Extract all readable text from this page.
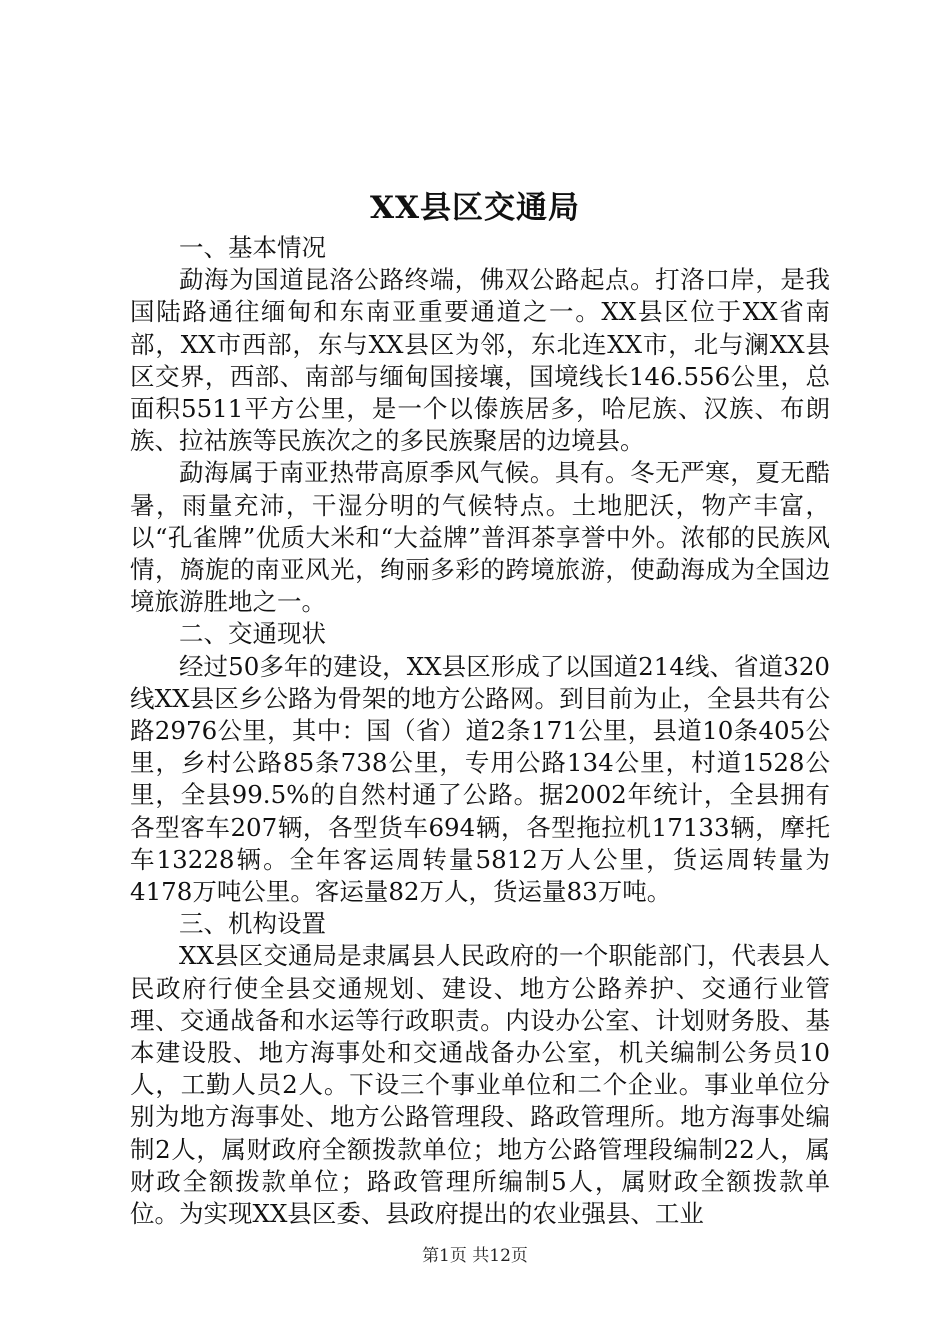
XX县区交通局

一、基本情况

勐海为国道昆洛公路终端，佛双公路起点。打洛口岸，是我国陆路通往缅甸和东南亚重要通道之一。XX县区位于XX省南部，XX市西部，东与XX县区为邻，东北连XX市，北与澜XX县区交界，西部、南部与缅甸国接壤，国境线长146.556公里，总面积5511平方公里，是一个以傣族居多，哈尼族、汉族、布朗族、拉祜族等民族次之的多民族聚居的边境县。

勐海属于南亚热带高原季风气候。具有。冬无严寒，夏无酷暑，雨量充沛，干湿分明的气候特点。土地肥沃，物产丰富，以“孔雀牌”优质大米和“大益牌”普洱茶享誉中外。浓郁的民族风情，旖旎的南亚风光，绚丽多彩的跨境旅游，使勐海成为全国边境旅游胜地之一。

二、交通现状

经过50多年的建设，XX县区形成了以国道214线、省道320线XX县区乡公路为骨架的地方公路网。到目前为止，全县共有公路2976公里，其中：国（省）道2条171公里，县道10条405公里，乡村公路85条738公里，专用公路134公里，村道1528公里，全县99.5%的自然村通了公路。据2002年统计，全县拥有各型客车207辆，各型货车694辆，各型拖拉机17133辆，摩托车13228辆。全年客运周转量5812万人公里，货运周转量为4178万吨公里。客运量82万人，货运量83万吨。

三、机构设置

XX县区交通局是隶属县人民政府的一个职能部门，代表县人民政府行使全县交通规划、建设、地方公路养护、交通行业管理、交通战备和水运等行政职责。内设办公室、计划财务股、基本建设股、地方海事处和交通战备办公室，机关编制公务员10人，工勤人员2人。下设三个事业单位和二个企业。事业单位分别为地方海事处、地方公路管理段、路政管理所。地方海事处编制2人，属财政府全额拨款单位；地方公路管理段编制22人，属财政全额拨款单位；路政管理所编制5人，属财政全额拨款单位。为实现XX县区委、县政府提出的农业强县、工业

第1页 共12页
